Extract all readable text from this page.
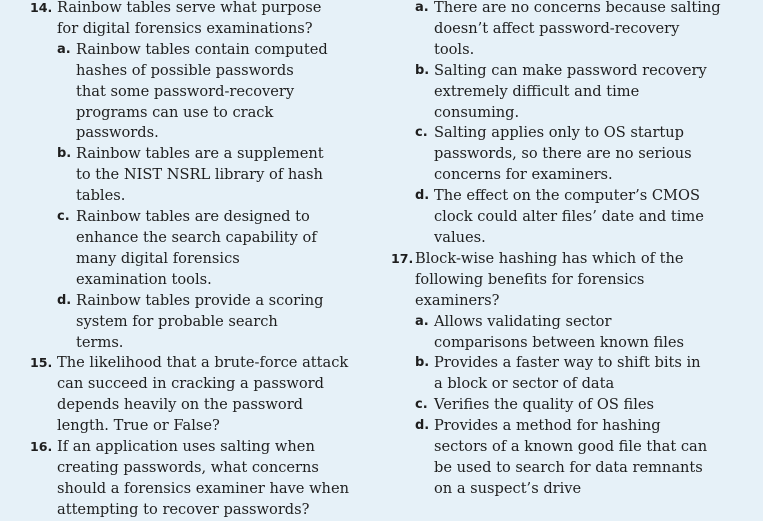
14. Rainbow tables serve what purpose for digital forensics examinations?
a. Rainbow tables contain computed hashes of possible passwords that some password-recovery programs can use to crack passwords.
b. Rainbow tables are a supplement to the NIST NSRL library of hash tables.
c. Rainbow tables are designed to enhance the search capability of many digital forensics examination tools.
d. Rainbow tables provide a scoring system for probable search terms.
15. The likelihood that a brute-force attack can succeed in cracking a password depends heavily on the password length. True or False?
16. If an application uses salting when creating passwords, what concerns should a forensics examiner have when attempting to recover passwords?
a. There are no concerns because salting doesn’t affect password-recovery tools.
b. Salting can make password recovery extremely difficult and time consuming.
c. Salting applies only to OS startup passwords, so there are no serious concerns for examiners.
d. The effect on the computer’s CMOS clock could alter files’ date and time values.
17. Block-wise hashing has which of the following benefits for forensics examiners?
a. Allows validating sector comparisons between known files
b. Provides a faster way to shift bits in a block or sector of data
c. Verifies the quality of OS files
d. Provides a method for hashing sectors of a known good file that can be used to search for data remnants on a suspect’s drive
